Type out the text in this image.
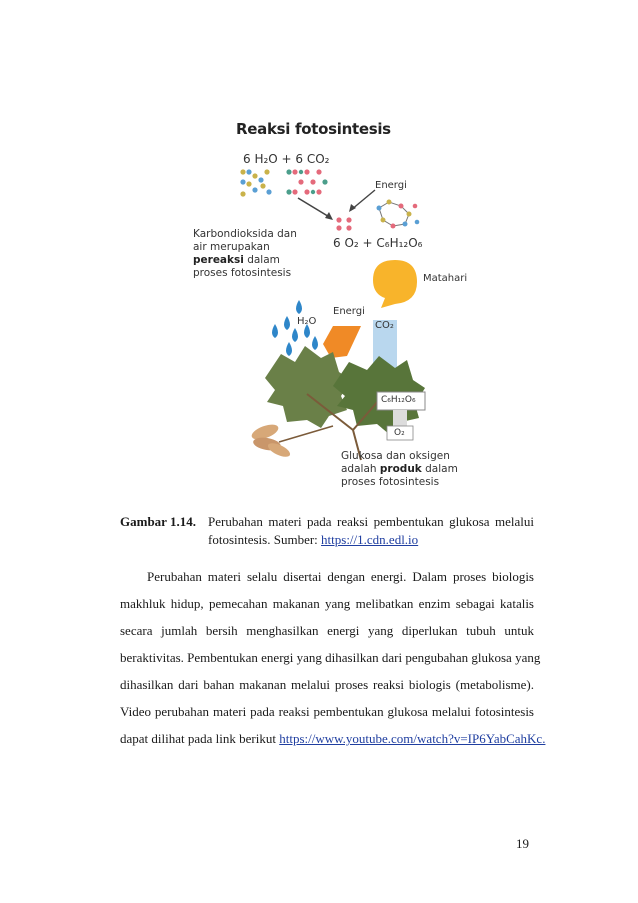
Reaksi fotosintesis
6 H₂O + 6 CO₂
6 O₂ + C₆H₁₂O₆
Energi
Matahari
Energi
H₂O	CO₂
C₆H₁₂O₆
O₂
Karbondioksida dan
air merupakan
pereaksi dalam
proses fotosintesis
Glukosa dan oksigen
adalah produk dalam
proses fotosintesis
Gambar 1.14. Perubahan materi pada reaksi pembentukan glukosa melalui
fotosintesis. Sumber: https://1.cdn.edl.io
Perubahan materi selalu disertai dengan energi. Dalam proses biologis
makhluk hidup, pemecahan makanan yang melibatkan enzim sebagai katalis
secara jumlah bersih menghasilkan energi yang diperlukan tubuh untuk
beraktivitas. Pembentukan energi yang dihasilkan dari pengubahan glukosa yang
dihasilkan dari bahan makanan melalui proses reaksi biologis (metabolisme).
Video perubahan materi pada reaksi pembentukan glukosa melalui fotosintesis
dapat dilihat pada link berikut https://www.youtube.com/watch?v=IP6YabCahKc.
19
